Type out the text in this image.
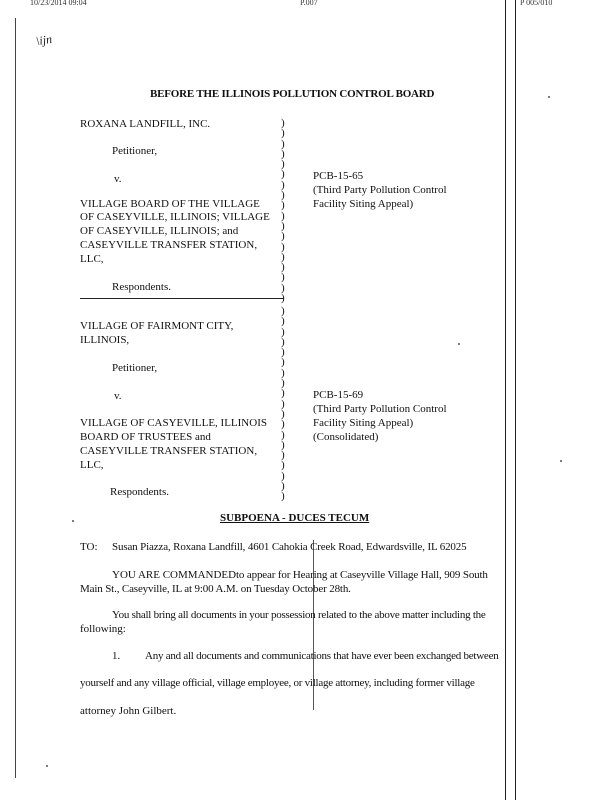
10/23/2014 09:04	P.007	P 005/010
\ijn
BEFORE THE ILLINOIS POLLUTION CONTROL BOARD
ROXANA LANDFILL, INC.
Petitioner,
v.
VILLAGE BOARD OF THE VILLAGE
OF CASEYVILLE, ILLINOIS; VILLAGE
OF CASEYVILLE, ILLINOIS; and
CASEYVILLE TRANSFER STATION,
LLC,
Respondents.
PCB-15-65
(Third Party Pollution Control
Facility Siting Appeal)
)
)
)
)
)
)
)
)
)
)
)
)
)
)
)
)
)

VILLAGE OF FAIRMONT CITY,
ILLINOIS,
Petitioner,
v.
VILLAGE OF CASYEVILLE, ILLINOIS
BOARD OF TRUSTEES and
CASEYVILLE TRANSFER STATION,
LLC,
Respondents.
PCB-15-69
(Third Party Pollution Control
Facility Siting Appeal)
(Consolidated)
)
)
)
)
)
)
)
)
)
)
)
)
)
)
)
)
)
)
)
SUBPOENA - DUCES TECUM
TO: Susan Piazza, Roxana Landfill, 4601 Cahokia Creek Road, Edwardsville, IL 62025
YOU ARE COMMANDED to appear for Hearing at Caseyville Village Hall, 909 South
Main St., Caseyville, IL at 9:00 A.M. on Tuesday October 28th.
You shall bring all documents in your possession related to the above matter including the
following:
1. Any and all documents and communications that have ever been exchanged between
yourself and any village official, village employee, or village attorney, including former village
attorney John Gilbert.
